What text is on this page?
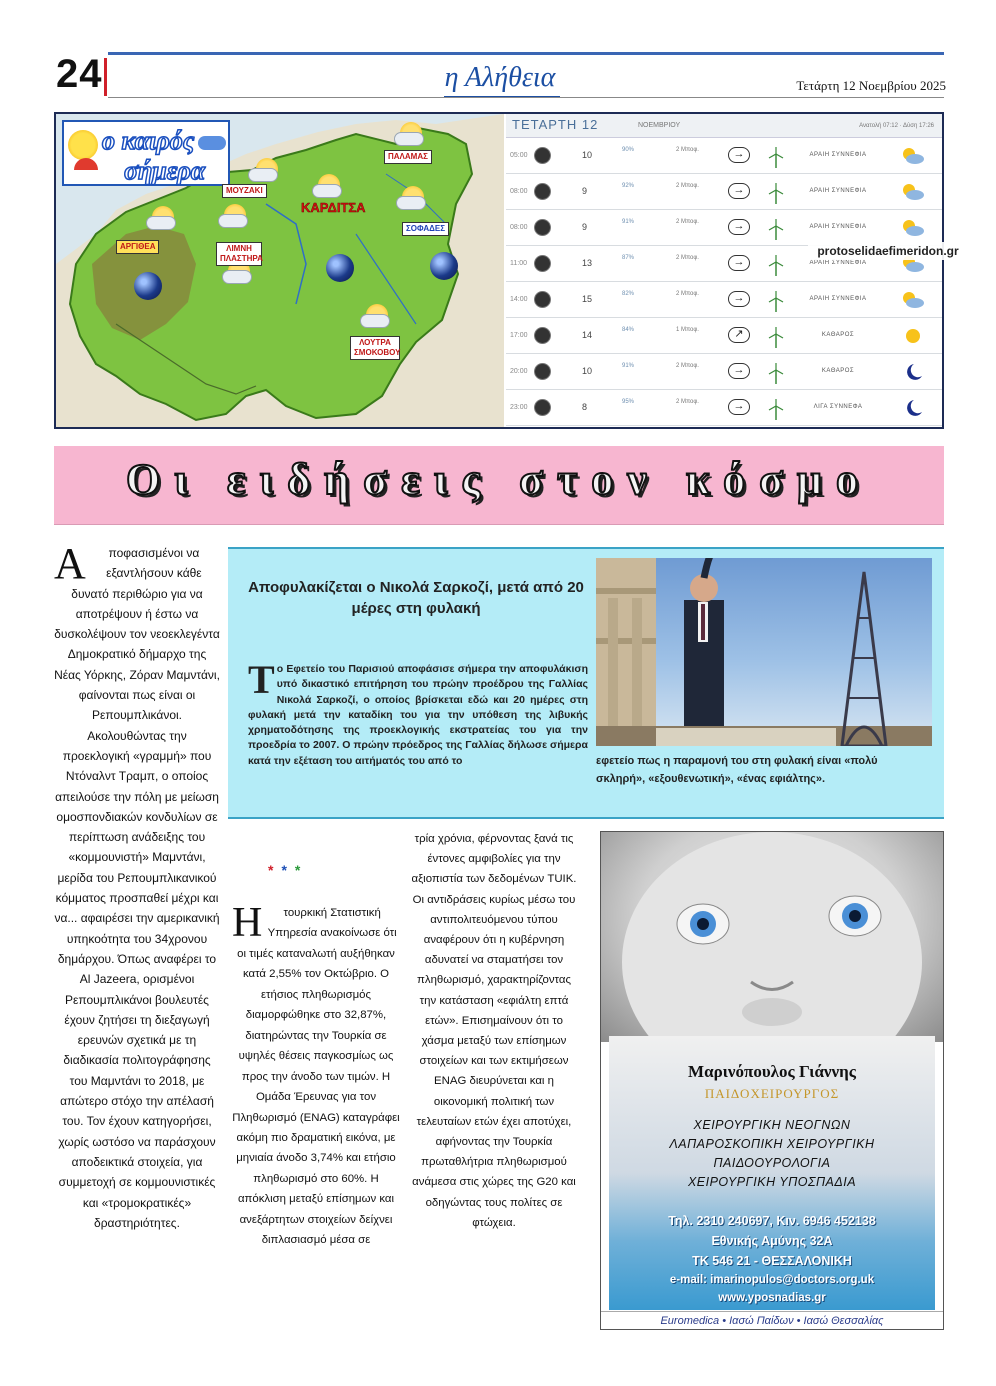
24	η Αλήθεια	Τετάρτη 12 Νοεμβρίου 2025
ο καιρός
σήμερα	ΠΑΛΑΜΑΣ
ΜΟΥΖΑΚΙ
ΚΑΡΔΙΤΣΑ
ΣΟΦΑΔΕΣ
ΑΡΓΙΘΕΑ	ΛΙΜΝΗ ΠΛΑΣΤΗΡΑ
ΛΟΥΤΡΑ ΣΜΟΚΟΒΟΥ
ΤΕΤΑΡΤΗ 12	ΝΟΕΜΒΡΙΟΥ	Ανατολή 07:12 · Δύση 17:26
05:00	10	90%	2 Μποφ.	→	ΑΡΑΙΗ ΣΥΝΝΕΦΙΑ
08:00	9	92%	2 Μποφ.	→	ΑΡΑΙΗ ΣΥΝΝΕΦΙΑ
08:00	9	91%	2 Μποφ.	→	ΑΡΑΙΗ ΣΥΝΝΕΦΙΑ
11:00	13	87%	2 Μποφ.	→	ΑΡΑΙΗ ΣΥΝΝΕΦΙΑ
14:00	15	82%	2 Μποφ.	→	ΑΡΑΙΗ ΣΥΝΝΕΦΙΑ
17:00	14	84%	1 Μποφ.	↗	ΚΑΘΑΡΟΣ
20:00	10	91%	2 Μποφ.	→	ΚΑΘΑΡΟΣ
23:00	8	95%	2 Μποφ.	→	ΛΙΓΑ ΣΥΝΝΕΦΑ
protoselidaefimeridon.gr
Οι ειδήσεις στον κόσμο
Α ποφασισμένοι να εξαντλήσουν κάθε δυνατό περιθώριο για να αποτρέψουν ή έστω να δυσκολέψουν τον νεοεκλεγέντα Δημοκρατικό δήμαρχο της Νέας Υόρκης, Ζόραν Μαμντάνι, φαίνονται πως είναι οι Ρεπουμπλικάνοι. Ακολουθώντας την προεκλογική «γραμμή» που Ντόναλντ Τραμπ, ο οποίος απειλούσε την πόλη με μείωση ομοσπονδιακών κονδυλίων σε περίπτωση ανάδειξης του «κομμουνιστή» Μαμντάνι, μερίδα του Ρεπουμπλικανικού κόμματος προσπαθεί μέχρι και να... αφαιρέσει την αμερικανική υπηκοότητα του 34χρονου δημάρχου. Όπως αναφέρει το Al Jazeera, ορισμένοι Ρεπουμπλικάνοι βουλευτές έχουν ζητήσει τη διεξαγωγή ερευνών σχετικά με τη διαδικασία πολιτογράφησης του Μαμντάνι το 2018, με απώτερο στόχο την απέλασή του. Τον έχουν κατηγορήσει, χωρίς ωστόσο να παράσχουν αποδεικτικά στοιχεία, για συμμετοχή σε κομμουνιστικές και «τρομοκρατικές» δραστηριότητες.
Αποφυλακίζεται ο Νικολά Σαρκοζί, μετά από 20 μέρες στη φυλακή
Το Εφετείο του Παρισιού αποφάσισε σήμερα την αποφυλάκιση υπό δικαστικό επιτήρηση του πρώην προέδρου της Γαλλίας Νικολά Σαρκοζί, ο οποίος βρίσκεται εδώ και 20 ημέρες στη φυλακή μετά την καταδίκη του για την υπόθεση της λιβυκής χρηματοδότησης της προεκλογικής εκστρατείας του για την προεδρία το 2007. Ο πρώην πρόεδρος της Γαλλίας δήλωσε σήμερα κατά την εξέταση του αιτήματός του από το	εφετείο πως η παραμονή του στη φυλακή είναι «πολύ σκληρή», «εξουθενωτική», «ένας εφιάλτης».
***
Η τουρκική Στατιστική Υπηρεσία ανακοίνωσε ότι οι τιμές καταναλωτή αυξήθηκαν κατά 2,55% τον Οκτώβριο. Ο ετήσιος πληθωρισμός διαμορφώθηκε στο 32,87%, διατηρώντας την Τουρκία σε υψηλές θέσεις παγκοσμίως ως προς την άνοδο των τιμών. Η Ομάδα Έρευνας για τον Πληθωρισμό (ENAG) καταγράφει ακόμη πιο δραματική εικόνα, με μηνιαία άνοδο 3,74% και ετήσιο πληθωρισμό στο 60%. Η απόκλιση μεταξύ επίσημων και ανεξάρτητων στοιχείων δείχνει διπλασιασμό μέσα σε
τρία χρόνια, φέρνοντας ξανά τις έντονες αμφιβολίες για την αξιοπιστία των δεδομένων TUIK. Οι αντιδράσεις κυρίως μέσω του αντιπολιτευόμενου τύπου αναφέρουν ότι η κυβέρνηση αδυνατεί να σταματήσει τον πληθωρισμό, χαρακτηρίζοντας την κατάσταση «εφιάλτη επτά ετών». Επισημαίνουν ότι το χάσμα μεταξύ των επίσημων στοιχείων και των εκτιμήσεων ENAG διευρύνεται και η οικονομική πολιτική των τελευταίων ετών έχει αποτύχει, αφήνοντας την Τουρκία πρωταθλήτρια πληθωρισμού ανάμεσα στις χώρες της G20 και οδηγώντας τους πολίτες σε φτώχεια.
Μαρινόπουλος Γιάννης
ΠΑΙΔΟΧΕΙΡΟΥΡΓΟΣ
ΧΕΙΡΟΥΡΓΙΚΗ ΝΕΟΓΝΩΝ
ΛΑΠΑΡΟΣΚΟΠΙΚΗ ΧΕΙΡΟΥΡΓΙΚΗ
ΠΑΙΔΟΟΥΡΟΛΟΓΙΑ
ΧΕΙΡΟΥΡΓΙΚΗ ΥΠΟΣΠΑΔΙΑ
Τηλ. 2310 240697, Κιν. 6946 452138
Εθνικής Αμύνης 32Α
ΤΚ 546 21 - ΘΕΣΣΑΛΟΝΙΚΗ
e-mail: imarinopulos@doctors.org.uk
www.yposnadias.gr
Euromedica • Ιασώ Παίδων • Ιασώ Θεσσαλίας
